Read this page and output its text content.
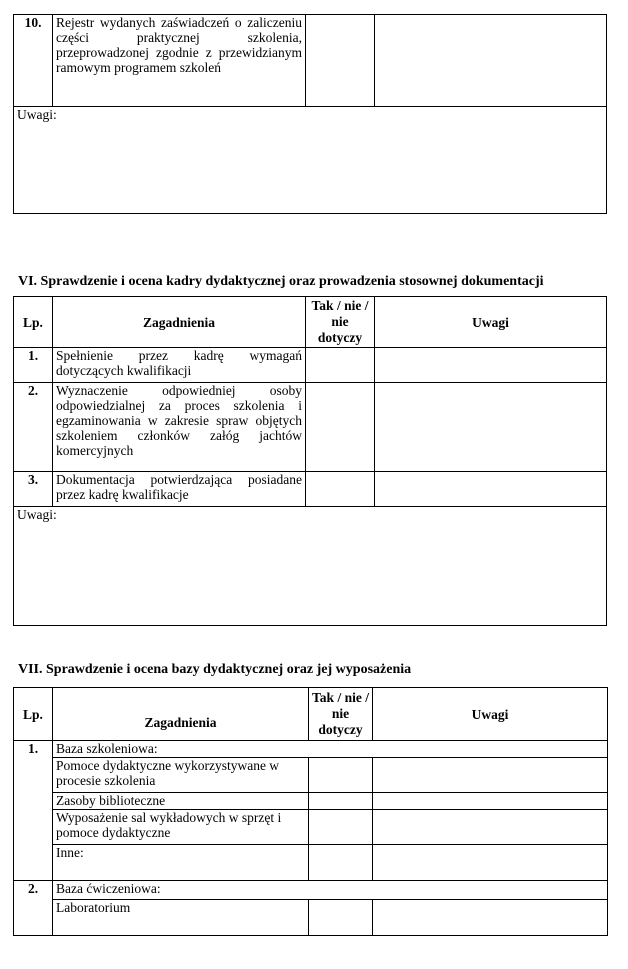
10.	Rejestr wydanych zaświadczeń o zaliczeniu części praktycznej szkolenia, przeprowadzonej zgodnie z przewidzianym ramowym programem szkoleń		
Uwagi:
VI. Sprawdzenie i ocena kadry dydaktycznej oraz prowadzenia stosownej dokumentacji
Lp.	Zagadnienia	Tak / nie / nie dotyczy	Uwagi
1.	Spełnienie przez kadrę wymagań dotyczących kwalifikacji		
2.	Wyznaczenie odpowiedniej osoby odpowiedzialnej za proces szkolenia i egzaminowania w zakresie spraw objętych szkoleniem członków załóg jachtów komercyjnych		
3.	Dokumentacja potwierdzająca posiadane przez kadrę kwalifikacje		
Uwagi:			
VII. Sprawdzenie i ocena bazy dydaktycznej oraz jej wyposażenia
Lp.	Zagadnienia	Tak / nie / nie dotyczy	Uwagi
1.	Baza szkoleniowa:		
	Pomoce dydaktyczne wykorzystywane w procesie szkolenia		
	Zasoby biblioteczne		
	Wyposażenie sal wykładowych w sprzęt i pomoce dydaktyczne		
	Inne:		
2.	Baza ćwiczeniowa:		
	Laboratorium		
